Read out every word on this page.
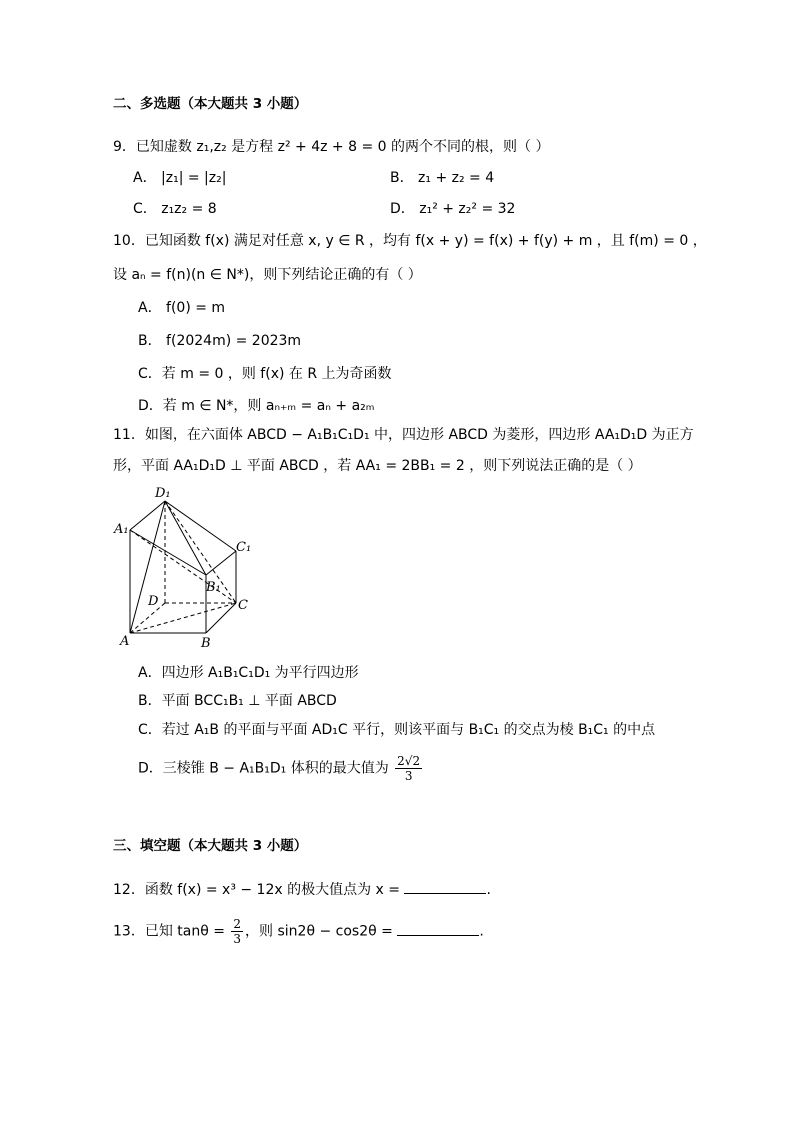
二、多选题（本大题共 3 小题）
9．已知虚数 z₁,z₂ 是方程 z² + 4z + 8 = 0 的两个不同的根，则（ ）
A． |z₁| = |z₂|	B． z₁ + z₂ = 4
C． z₁z₂ = 8	D． z₁² + z₂² = 32
10．已知函数 f(x) 满足对任意 x, y ∈ R ，均有 f(x + y) = f(x) + f(y) + m ，且 f(m) = 0 ，
设 aₙ = f(n)(n ∈ N*)，则下列结论正确的有（ ）
A． f(0) = m
B． f(2024m) = 2023m
C．若 m = 0 ，则 f(x) 在 R 上为奇函数
D．若 m ∈ N*，则 aₙ₊ₘ = aₙ + a₂ₘ
11．如图，在六面体 ABCD − A₁B₁C₁D₁ 中，四边形 ABCD 为菱形，四边形 AA₁D₁D 为正方
形，平面 AA₁D₁D ⊥ 平面 ABCD ，若 AA₁ = 2BB₁ = 2 ，则下列说法正确的是（ ）
D₁
A₁
C₁
B₁
D	C
A	B
A．四边形 A₁B₁C₁D₁ 为平行四边形
B．平面 BCC₁B₁ ⊥ 平面 ABCD
C．若过 A₁B 的平面与平面 AD₁C 平行，则该平面与 B₁C₁ 的交点为棱 B₁C₁ 的中点
D．三棱锥 B − A₁B₁D₁ 体积的最大值为 $\frac{2√2}{3}$
三、填空题（本大题共 3 小题）
12．函数 f(x) = x³ − 12x 的极大值点为 x =	.
13．已知 $\tan\theta = \frac{2}{3}$ ，则 sin2θ − cos2θ =	.
